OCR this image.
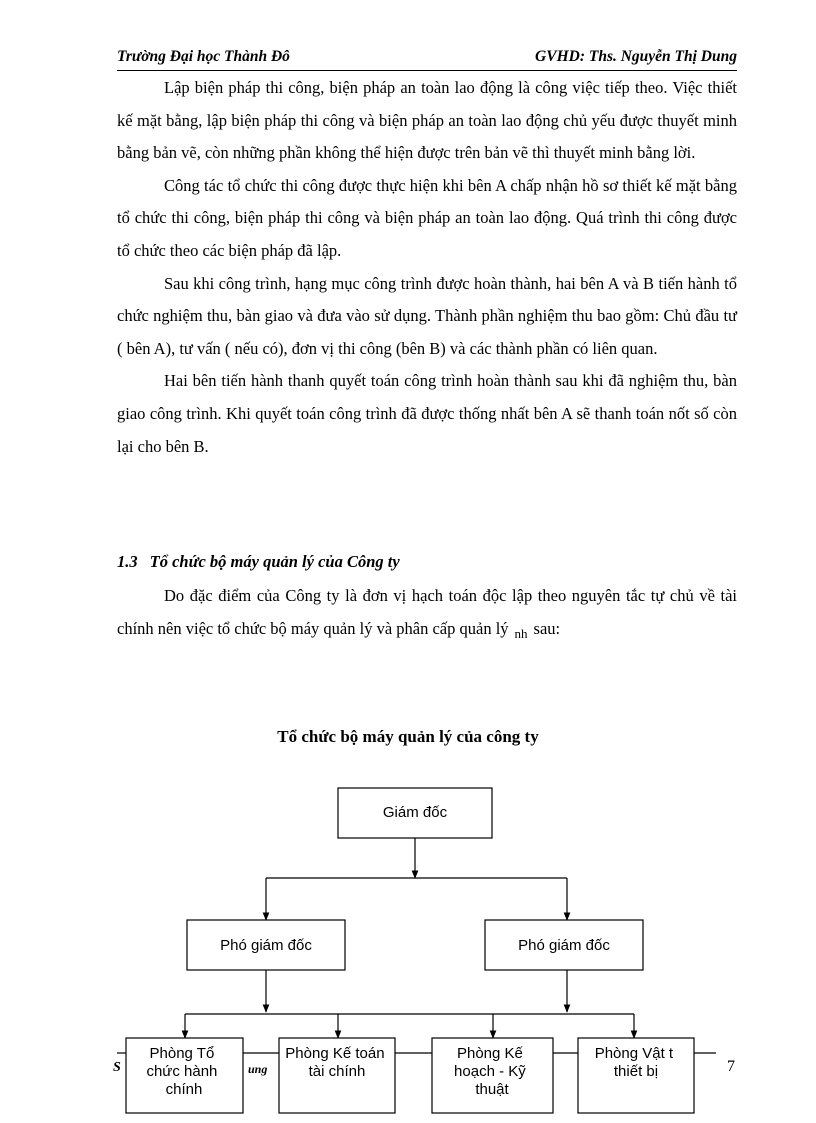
Trường Đại học Thành Đô	GVHD: Ths. Nguyễn Thị Dung

Lập biện pháp thi công, biện pháp an toàn lao động là công việc tiếp theo. Việc thiết kế mặt bằng, lập biện pháp thi công và biện pháp an toàn lao động chủ yếu được thuyết minh bằng bản vẽ, còn những phần không thể hiện được trên bản vẽ thì thuyết minh bằng lời.

Công tác tổ chức thi công được thực hiện khi bên A chấp nhận hồ sơ thiết kế mặt bằng tổ chức thi công, biện pháp thi công và biện pháp an toàn lao động. Quá trình thi công được tổ chức theo các biện pháp đã lập.

Sau khi công trình, hạng mục công trình được hoàn thành, hai bên A và B tiến hành tổ chức nghiệm thu, bàn giao và đưa vào sử dụng. Thành phần nghiệm thu bao gồm: Chủ đầu tư ( bên A), tư vấn ( nếu có), đơn vị thi công (bên B) và các thành phần có liên quan.

Hai bên tiến hành thanh quyết toán công trình hoàn thành sau khi đã nghiệm thu, bàn giao công trình. Khi quyết toán công trình đã được thống nhất bên A sẽ thanh toán nốt số còn lại cho bên B.

1.3 Tổ chức bộ máy quản lý của Công ty

Do đặc điểm của Công ty là đơn vị hạch toán độc lập theo nguyên tắc tự chủ về tài chính nên việc tổ chức bộ máy quản lý và phân cấp quản lý $_{nh}$ sau:

Tổ chức bộ máy quản lý của công ty
Giám đốc
Phó giám đốc	Phó giám đốc
Phòng Tổ chức hành chính
Phòng Kế toán tài chính
Phòng Kế hoạch - Kỹ thuật
Phòng Vật t thiết bị
S	ung	7
